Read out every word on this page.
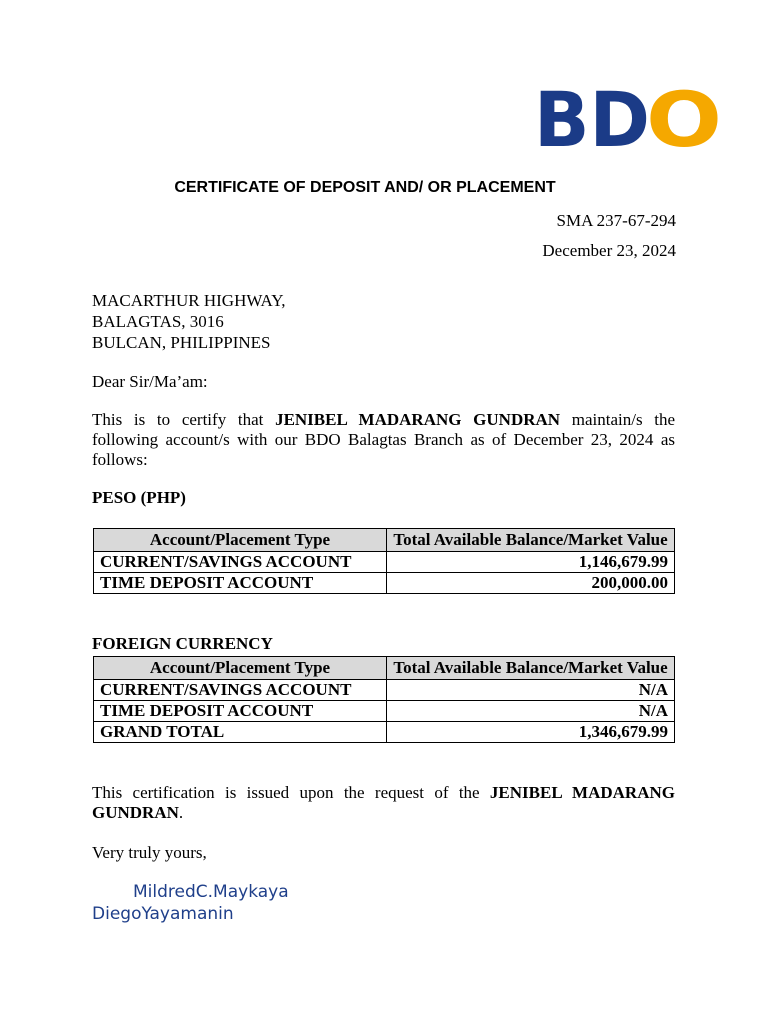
BD
O
CERTIFICATE OF DEPOSIT AND/ OR PLACEMENT
SMA 237-67-294
December 23, 2024
MACARTHUR HIGHWAY,
BALAGTAS, 3016
BULCAN, PHILIPPINES
Dear Sir/Ma’am:
This is to certify that JENIBEL MADARANG GUNDRAN maintain/s the following account/s with our BDO Balagtas Branch as of December 23, 2024 as follows:
PESO (PHP)
Account/Placement Type	Total Available Balance/Market Value
CURRENT/SAVINGS ACCOUNT	1,146,679.99
TIME DEPOSIT ACCOUNT	200,000.00
FOREIGN CURRENCY
Account/Placement Type	Total Available Balance/Market Value
CURRENT/SAVINGS ACCOUNT	N/A
TIME DEPOSIT ACCOUNT	N/A
GRAND TOTAL	1,346,679.99
This certification is issued upon the request of the JENIBEL MADARANG GUNDRAN.
Very truly yours,
MildredC.Maykaya
DiegoYayamanin
